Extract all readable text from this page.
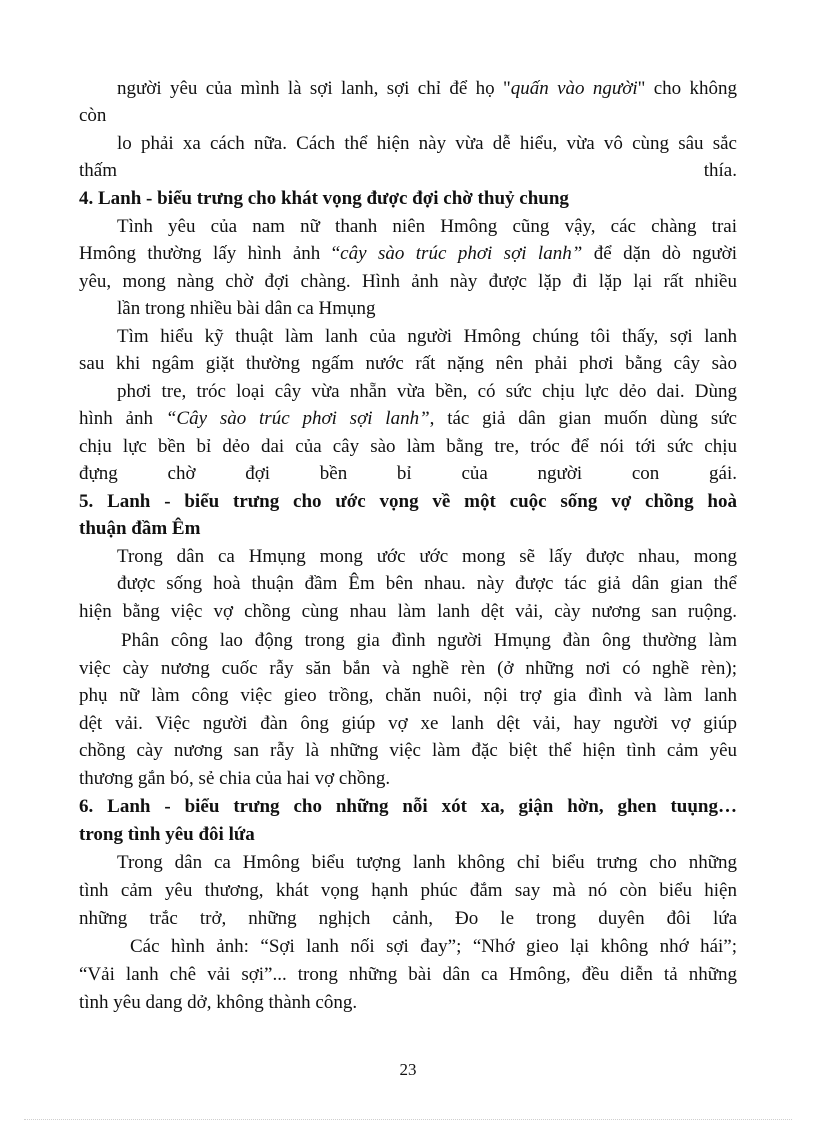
người yêu của mình là sợi lanh, sợi chỉ để họ "quấn vào người" cho không
còn
lo phải xa cách nữa. Cách thể hiện này vừa dễ hiểu, vừa vô cùng sâu sắc
thấm	thía.
4. Lanh - biểu trưng cho khát vọng được đợi chờ thuỷ chung
Tình yêu của nam nữ thanh niên Hmông cũng vậy, các chàng trai
Hmông thường lấy hình ảnh “cây sào trúc phơi sợi lanh” để dặn dò người
yêu, mong nàng chờ đợi chàng. Hình ảnh này được lặp đi lặp lại rất nhiều
lần trong nhiều bài dân ca Hmụng
Tìm hiểu kỹ thuật làm lanh của người Hmông chúng tôi thấy, sợi lanh
sau khi ngâm giặt thường ngấm nước rất nặng nên phải phơi bằng cây sào
phơi tre, tróc loại cây vừa nhẵn vừa bền, có sức chịu lực dẻo dai. Dùng
hình ảnh “Cây sào trúc phơi sợi lanh”, tác giả dân gian muốn dùng sức
chịu lực bền bỉ dẻo dai của cây sào làm bằng tre, tróc để nói tới sức chịu
đựng chờ đợi bền bỉ của người con gái.
5. Lanh - biểu trưng cho ước vọng về một cuộc sống vợ chồng hoà
thuận đầm Êm
Trong dân ca Hmụng mong ước ước mong sẽ lấy được nhau, mong
được sống hoà thuận đầm Êm bên nhau. này được tác giả dân gian thể
hiện bằng việc vợ chồng cùng nhau làm lanh dệt vải, cày nương san ruộng.
Phân công lao động trong gia đình người Hmụng đàn ông thường làm
việc cày nương cuốc rẫy săn bắn và nghề rèn (ở những nơi có nghề rèn);
phụ nữ làm công việc gieo trồng, chăn nuôi, nội trợ gia đình và làm lanh
dệt vải. Việc người đàn ông giúp vợ xe lanh dệt vải, hay người vợ giúp
chồng cày nương san rẫy là những việc làm đặc biệt thể hiện tình cảm yêu
thương gắn bó, sẻ chia của hai vợ chồng.
6. Lanh - biểu trưng cho những nỗi xót xa, giận hờn, ghen tuụng…
trong tình yêu đôi lứa
Trong dân ca Hmông biểu tượng lanh không chỉ biểu trưng cho những
tình cảm yêu thương, khát vọng hạnh phúc đắm say mà nó còn biểu hiện
những trắc trở, những nghịch cảnh, Đo le trong duyên đôi lứa
Các hình ảnh: “Sợi lanh nối sợi đay”; “Nhớ gieo lại không nhớ hái”;
“Vải lanh chê vải sợi”... trong những bài dân ca Hmông, đều diễn tả những
tình yêu dang dở, không thành công.
23
